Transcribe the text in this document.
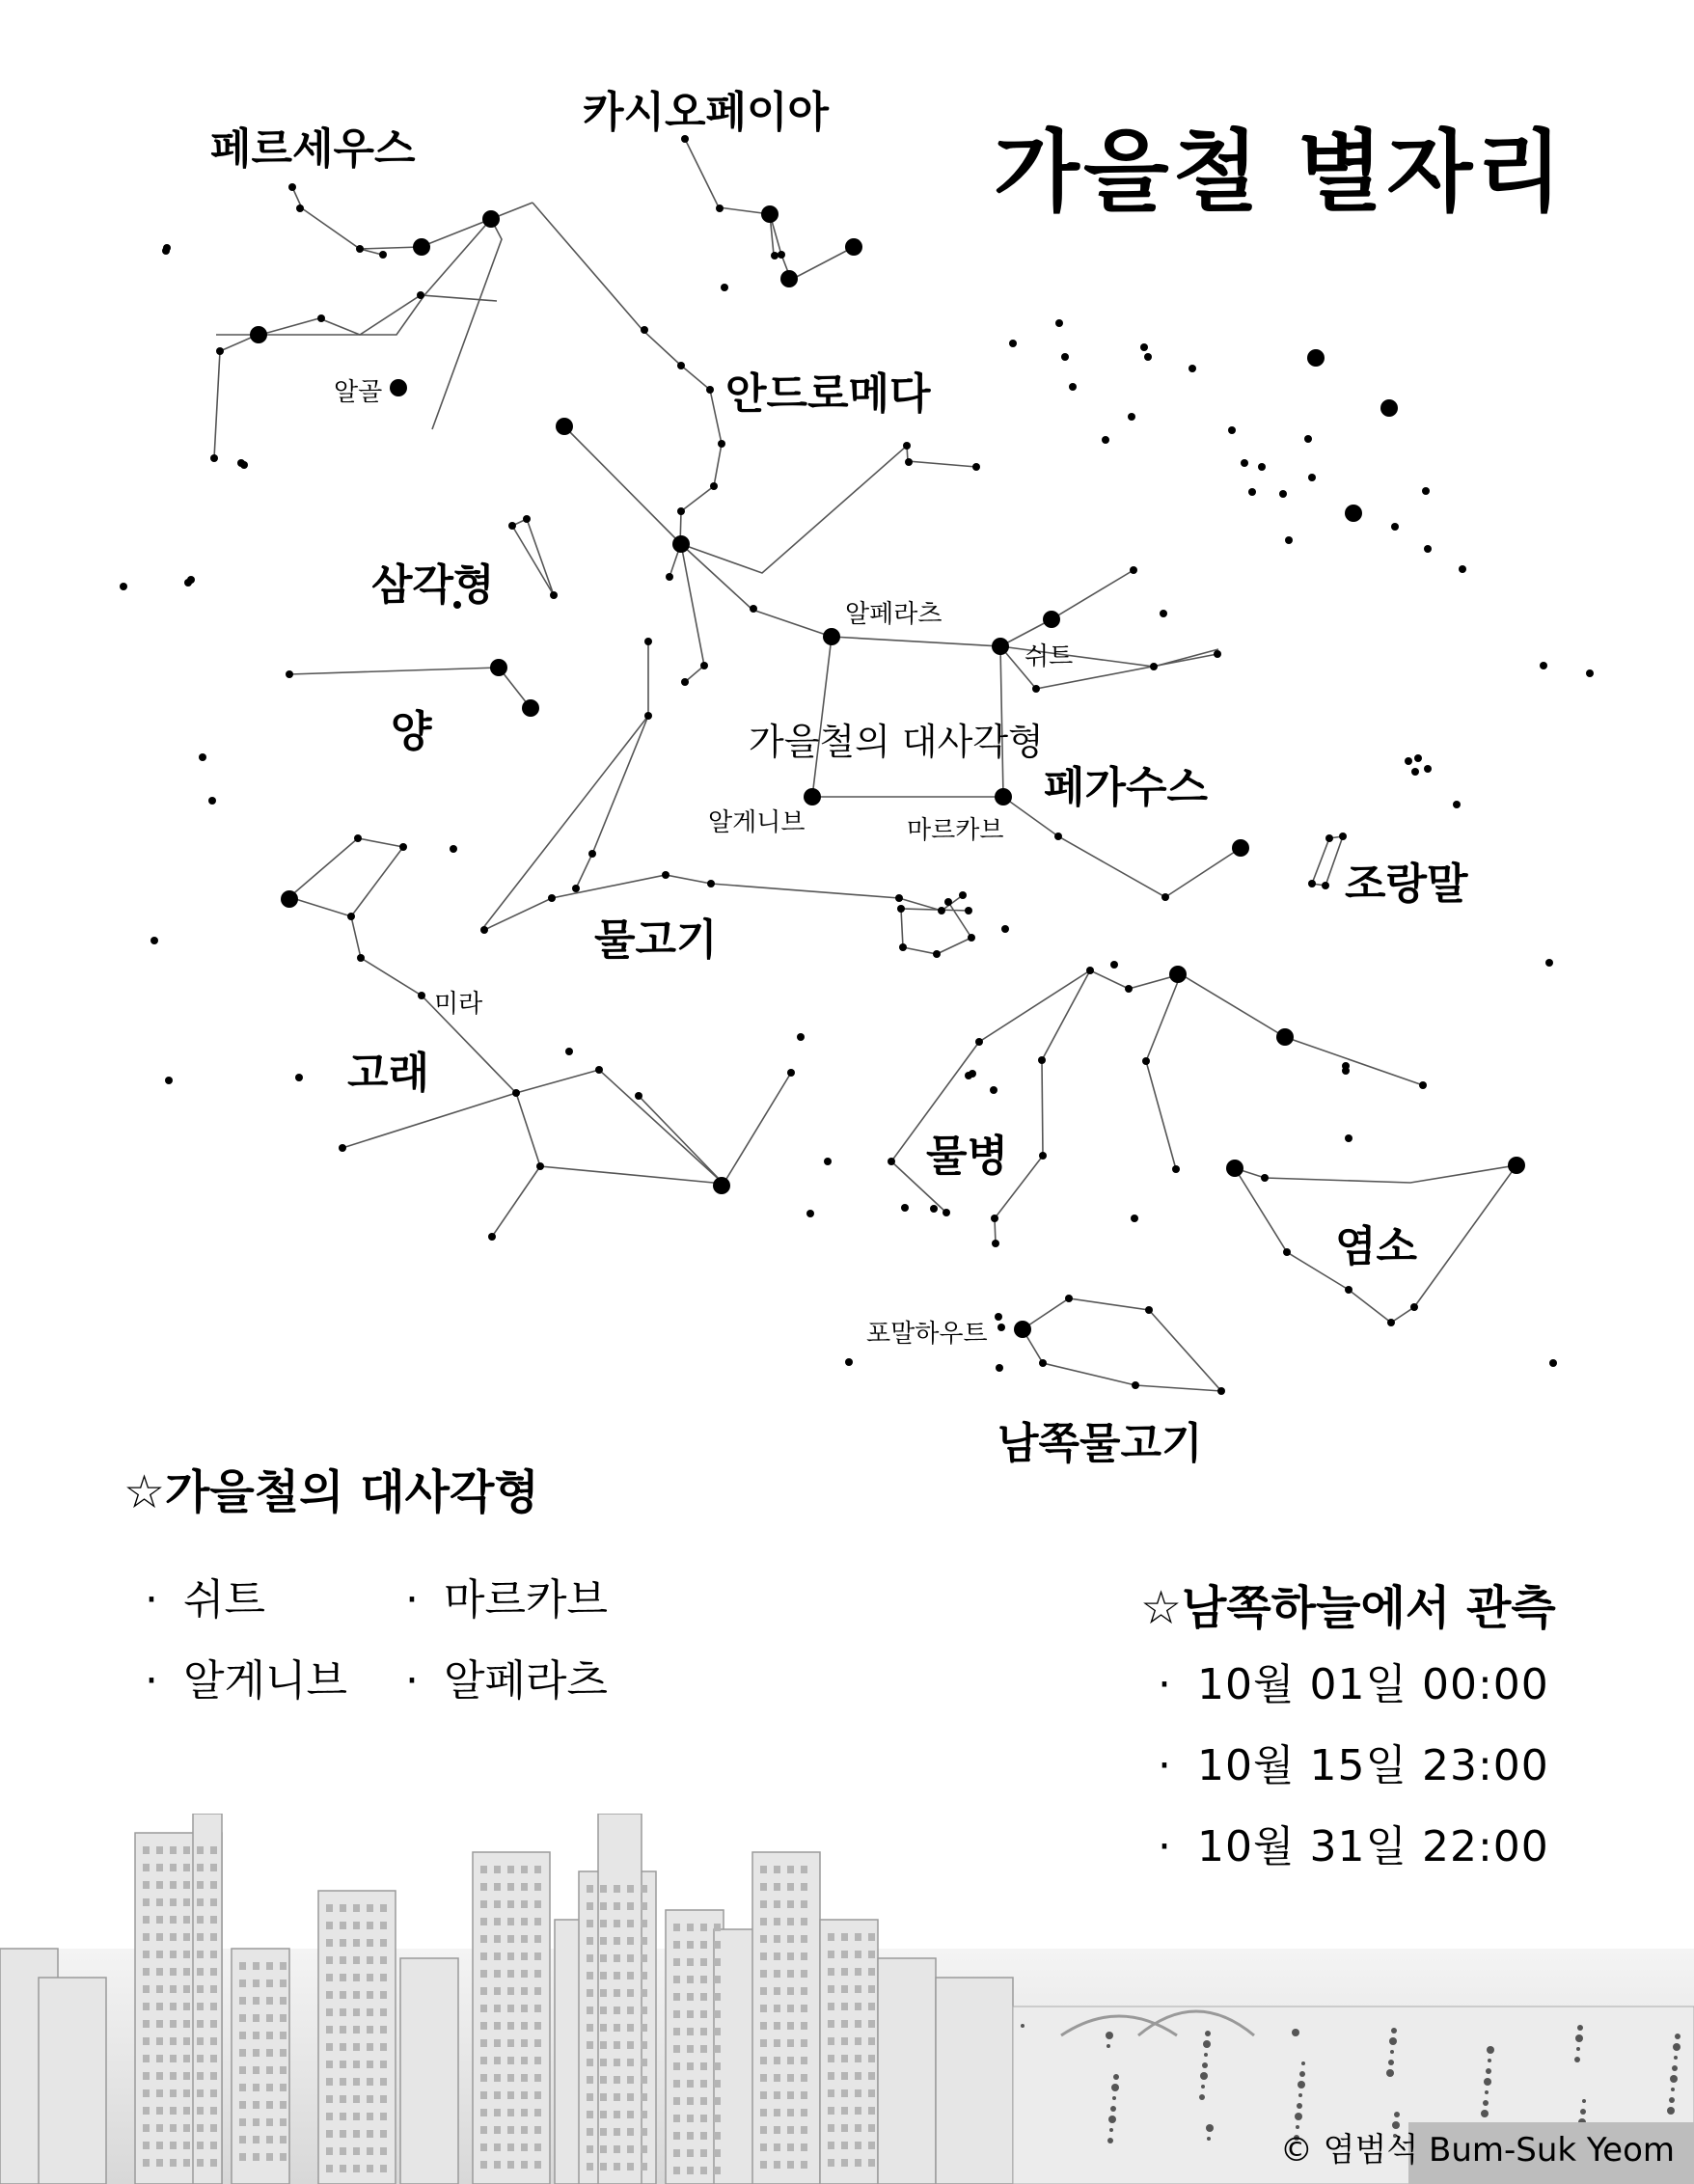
가을철 별자리
페르세우스
카시오페이아
안드로메다
삼각형
양	가을철의 대사각형
페가수스
조랑말
물고기
고래
물병
염소
남쪽물고기
알골
알페라츠
쉬트
알게니브	마르카브
미라
포말하우트
☆가을철의 대사각형
· 쉬트	· 마르카브
· 알게니브	· 알페라츠
☆남쪽하늘에서 관측
· 10월 01일 00:00
· 10월 15일 23:00
· 10월 31일 22:00
© 염범석 Bum-Suk Yeom
